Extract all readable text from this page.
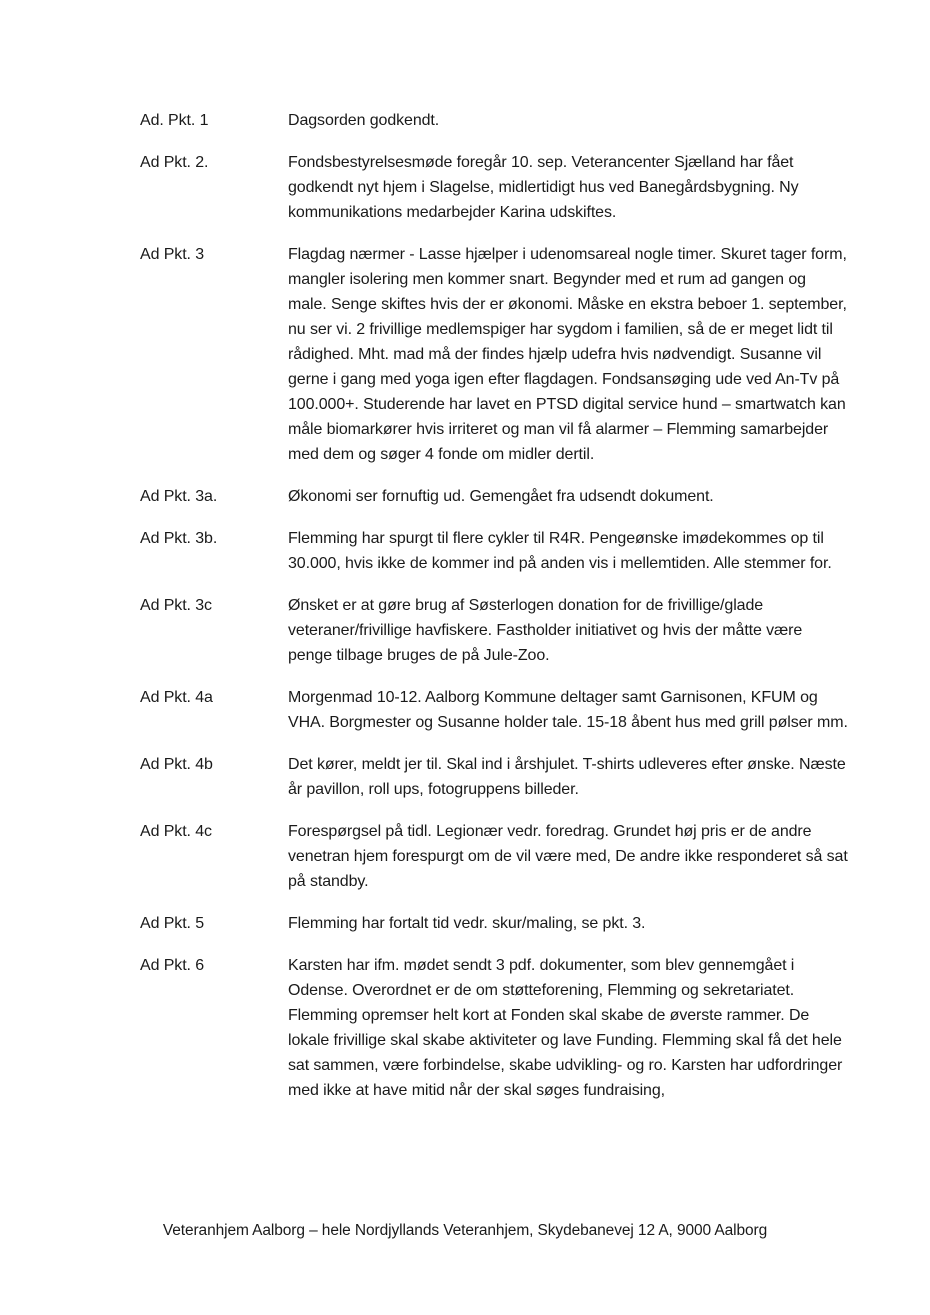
Ad. Pkt. 1	Dagsorden godkendt.
Ad Pkt. 2.	Fondsbestyrelsesmøde foregår 10. sep. Veterancenter Sjælland har fået godkendt nyt hjem i Slagelse, midlertidigt hus ved Banegårdsbygning. Ny kommunikations medarbejder Karina udskiftes.
Ad Pkt. 3	Flagdag nærmer - Lasse hjælper i udenomsareal nogle timer. Skuret tager form, mangler isolering men kommer snart. Begynder med et rum ad gangen og male. Senge skiftes hvis der er økonomi. Måske en ekstra beboer 1. september, nu ser vi. 2 frivillige medlemspiger har sygdom i familien, så de er meget lidt til rådighed. Mht. mad må der findes hjælp udefra hvis nødvendigt. Susanne vil gerne i gang med yoga igen efter flagdagen. Fondsansøging ude ved An-Tv på 100.000+. Studerende har lavet en PTSD digital service hund – smartwatch kan måle biomarkører hvis irriteret og man vil få alarmer – Flemming samarbejder med dem og søger 4 fonde om midler dertil.
Ad Pkt. 3a.	Økonomi ser fornuftig ud. Gemengået fra udsendt dokument.
Ad Pkt. 3b.	Flemming har spurgt til flere cykler til R4R. Pengeønske imødekommes op til 30.000, hvis ikke de kommer ind på anden vis i mellemtiden. Alle stemmer for.
Ad Pkt. 3c	Ønsket er at gøre brug af Søsterlogen donation for de frivillige/glade veteraner/frivillige havfiskere. Fastholder initiativet og hvis der måtte være penge tilbage bruges de på Jule-Zoo.
Ad Pkt. 4a	Morgenmad 10-12. Aalborg Kommune deltager samt Garnisonen, KFUM og VHA. Borgmester og Susanne holder tale. 15-18 åbent hus med grill pølser mm.
Ad Pkt. 4b	Det kører, meldt jer til. Skal ind i årshjulet. T-shirts udleveres efter ønske. Næste år pavillon, roll ups, fotogruppens billeder.
Ad Pkt. 4c	Forespørgsel på tidl. Legionær vedr. foredrag. Grundet høj pris er de andre venetran hjem forespurgt om de vil være med, De andre ikke responderet så sat på standby.
Ad Pkt. 5	Flemming har fortalt tid vedr. skur/maling, se pkt. 3.
Ad Pkt. 6	Karsten har ifm. mødet sendt 3 pdf. dokumenter, som blev gennemgået i Odense. Overordnet er de om støtteforening, Flemming og sekretariatet. Flemming opremser helt kort at Fonden skal skabe de øverste rammer. De lokale frivillige skal skabe aktiviteter og lave Funding. Flemming skal få det hele sat sammen, være forbindelse, skabe udvikling- og ro. Karsten har udfordringer med ikke at have mitid når der skal søges fundraising,
Veteranhjem Aalborg – hele Nordjyllands Veteranhjem, Skydebanevej 12 A, 9000 Aalborg
